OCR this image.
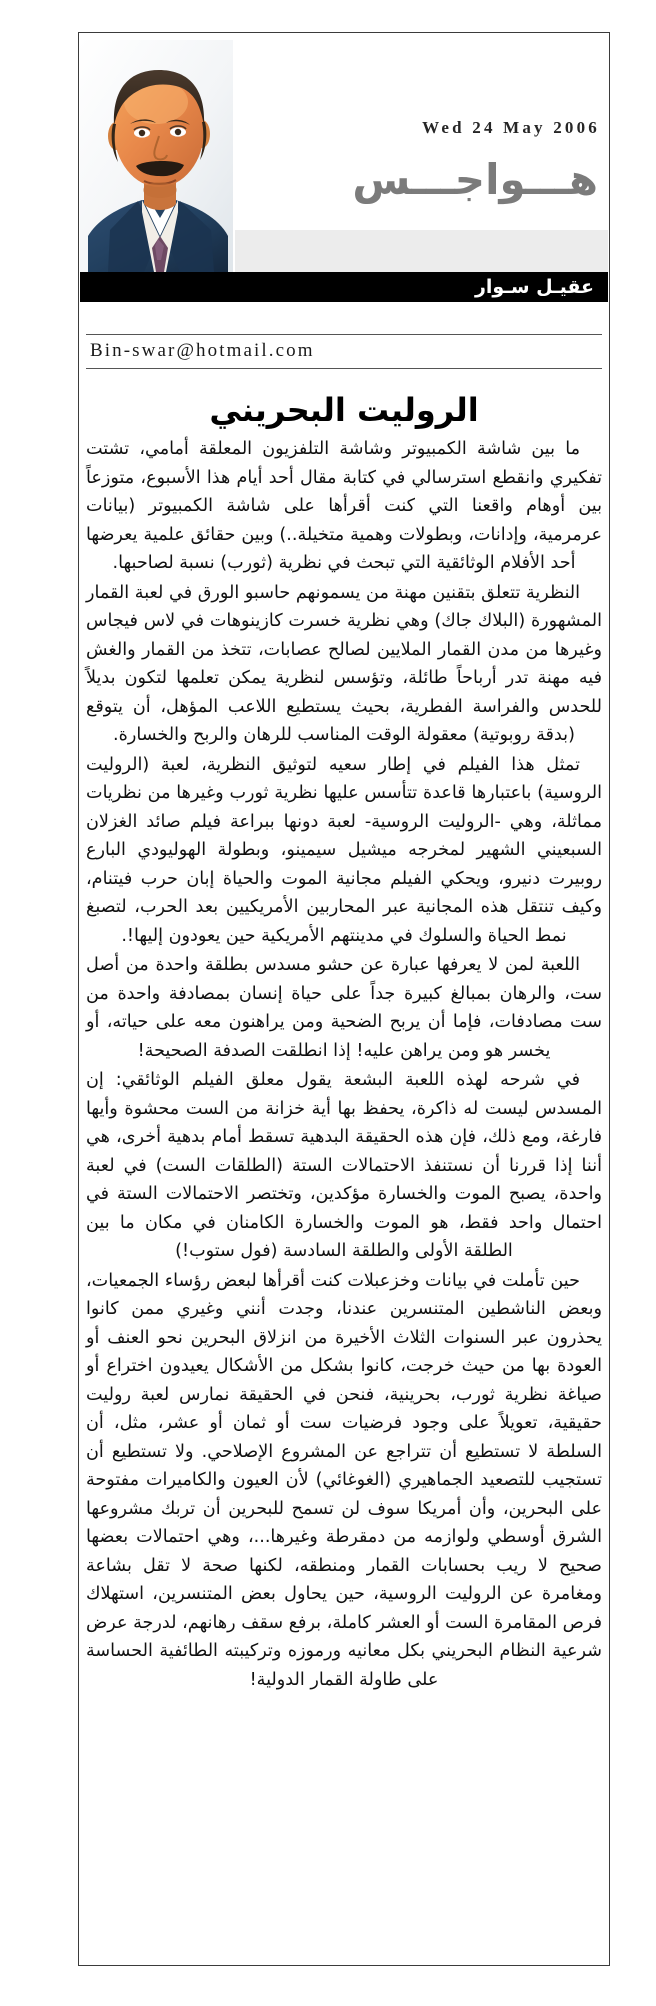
Wed 24 May 2006
هـــواجـــس
عقيـل سـوار
Bin-swar@hotmail.com
الروليت البحريني

ما بين شاشة الكمبيوتر وشاشة التلفزيون المعلقة أمامي، تشتت تفكيري وانقطع استرسالي في كتابة مقال أحد أيام هذا الأسبوع، متوزعاً بين أوهام واقعنا التي كنت أقرأها على شاشة الكمبيوتر (بيانات عرمرمية، وإدانات، وبطولات وهمية متخيلة..) وبين حقائق علمية يعرضها أحد الأفلام الوثائقية التي تبحث في نظرية (ثورب) نسبة لصاحبها.

النظرية تتعلق بتقنين مهنة من يسمونهم حاسبو الورق في لعبة القمار المشهورة (البلاك جاك) وهي نظرية خسرت كازينوهات في لاس فيجاس وغيرها من مدن القمار الملايين لصالح عصابات، تتخذ من القمار والغش فيه مهنة تدر أرباحاً طائلة، وتؤسس لنظرية يمكن تعلمها لتكون بديلاً للحدس والفراسة الفطرية، بحيث يستطيع اللاعب المؤهل، أن يتوقع (بدقة روبوتية) معقولة الوقت المناسب للرهان والربح والخسارة.

تمثل هذا الفيلم في إطار سعيه لتوثيق النظرية، لعبة (الروليت الروسية) باعتبارها قاعدة تتأسس عليها نظرية ثورب وغيرها من نظريات مماثلة، وهي -الروليت الروسية- لعبة دونها ببراعة فيلم صائد الغزلان السبعيني الشهير لمخرجه ميشيل سيمينو، وبطولة الهوليودي البارع روبيرت دنيرو، ويحكي الفيلم مجانية الموت والحياة إبان حرب فيتنام، وكيف تنتقل هذه المجانية عبر المحاربين الأمريكيين بعد الحرب، لتصبغ نمط الحياة والسلوك في مدينتهم الأمريكية حين يعودون إليها!.

اللعبة لمن لا يعرفها عبارة عن حشو مسدس بطلقة واحدة من أصل ست، والرهان بمبالغ كبيرة جداً على حياة إنسان بمصادفة واحدة من ست مصادفات، فإما أن يربح الضحية ومن يراهنون معه على حياته، أو يخسر هو ومن يراهن عليه! إذا انطلقت الصدفة الصحيحة!

في شرحه لهذه اللعبة البشعة يقول معلق الفيلم الوثائقي: إن المسدس ليست له ذاكرة، يحفظ بها أية خزانة من الست محشوة وأيها فارغة، ومع ذلك، فإن هذه الحقيقة البدهية تسقط أمام بدهية أخرى، هي أننا إذا قررنا أن نستنفذ الاحتمالات الستة (الطلقات الست) في لعبة واحدة، يصبح الموت والخسارة مؤكدين، وتختصر الاحتمالات الستة في احتمال واحد فقط، هو الموت والخسارة الكامنان في مكان ما بين الطلقة الأولى والطلقة السادسة (فول ستوب!)

حين تأملت في بيانات وخزعبلات كنت أقرأها لبعض رؤساء الجمعيات، وبعض الناشطين المتنسرين عندنا، وجدت أنني وغيري ممن كانوا يحذرون عبر السنوات الثلاث الأخيرة من انزلاق البحرين نحو العنف أو العودة بها من حيث خرجت، كانوا بشكل من الأشكال يعيدون اختراع أو صياغة نظرية ثورب، بحرينية، فنحن في الحقيقة نمارس لعبة روليت حقيقية، تعويلاً على وجود فرضيات ست أو ثمان أو عشر، مثل، أن السلطة لا تستطيع أن تتراجع عن المشروع الإصلاحي. ولا تستطيع أن تستجيب للتصعيد الجماهيري (الغوغائي) لأن العيون والكاميرات مفتوحة على البحرين، وأن أمريكا سوف لن تسمح للبحرين أن تربك مشروعها الشرق أوسطي ولوازمه من دمقرطة وغيرها...، وهي احتمالات بعضها صحيح لا ريب بحسابات القمار ومنطقه، لكنها صحة لا تقل بشاعة ومغامرة عن الروليت الروسية، حين يحاول بعض المتنسرين، استهلاك فرص المقامرة الست أو العشر كاملة، برفع سقف رهانهم، لدرجة عرض شرعية النظام البحريني بكل معانيه ورموزه وتركيبته الطائفية الحساسة على طاولة القمار الدولية!
